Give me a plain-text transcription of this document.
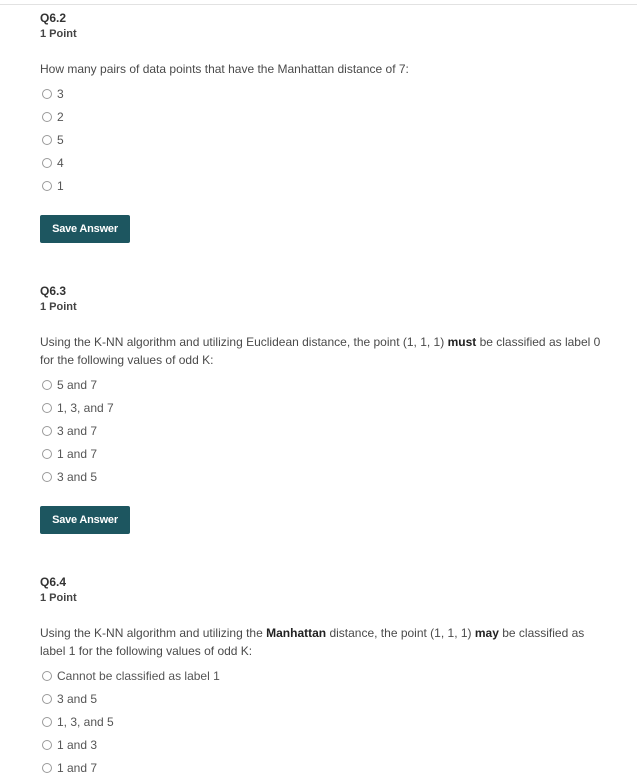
Q6.2
1 Point
How many pairs of data points that have the Manhattan distance of 7:
3
2
5
4
1
Save Answer
Q6.3
1 Point
Using the K-NN algorithm and utilizing Euclidean distance, the point (1, 1, 1) must be classified as label 0 for the following values of odd K:
5 and 7
1, 3, and 7
3 and 7
1 and 7
3 and 5
Save Answer
Q6.4
1 Point
Using the K-NN algorithm and utilizing the Manhattan distance, the point (1, 1, 1) may be classified as label 1 for the following values of odd K:
Cannot be classified as label 1
3 and 5
1, 3, and 5
1 and 3
1 and 7
